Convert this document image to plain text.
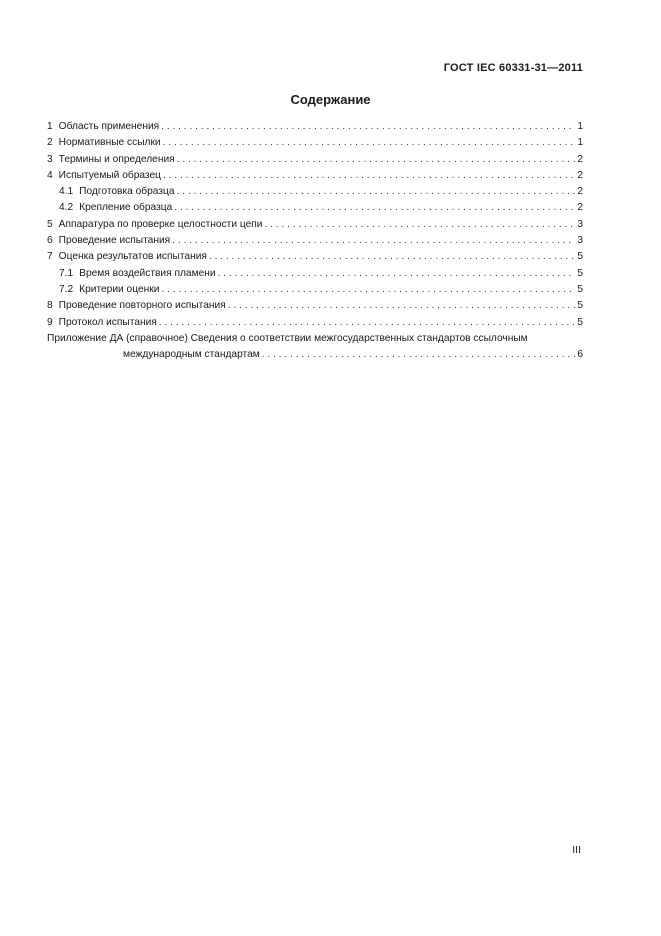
ГОСТ IEC 60331-31—2011
Содержание
1 Область применения . . .	1
2 Нормативные ссылки . . .	1
3 Термины и определения . . .	2
4 Испытуемый образец . . .	2
4.1 Подготовка образца . . .	2
4.2 Крепление образца . . .	2
5 Аппаратура по проверке целостности цепи . . .	3
6 Проведение испытания . . .	3
7 Оценка результатов испытания . . .	5
7.1 Время воздействия пламени . . .	5
7.2 Критерии оценки . . .	5
8 Проведение повторного испытания . . .	5
9 Протокол испытания . . .	5
Приложение ДА (справочное) Сведения о соответствии межгосударственных стандартов ссылочным
международным стандартам . . .	6
III
